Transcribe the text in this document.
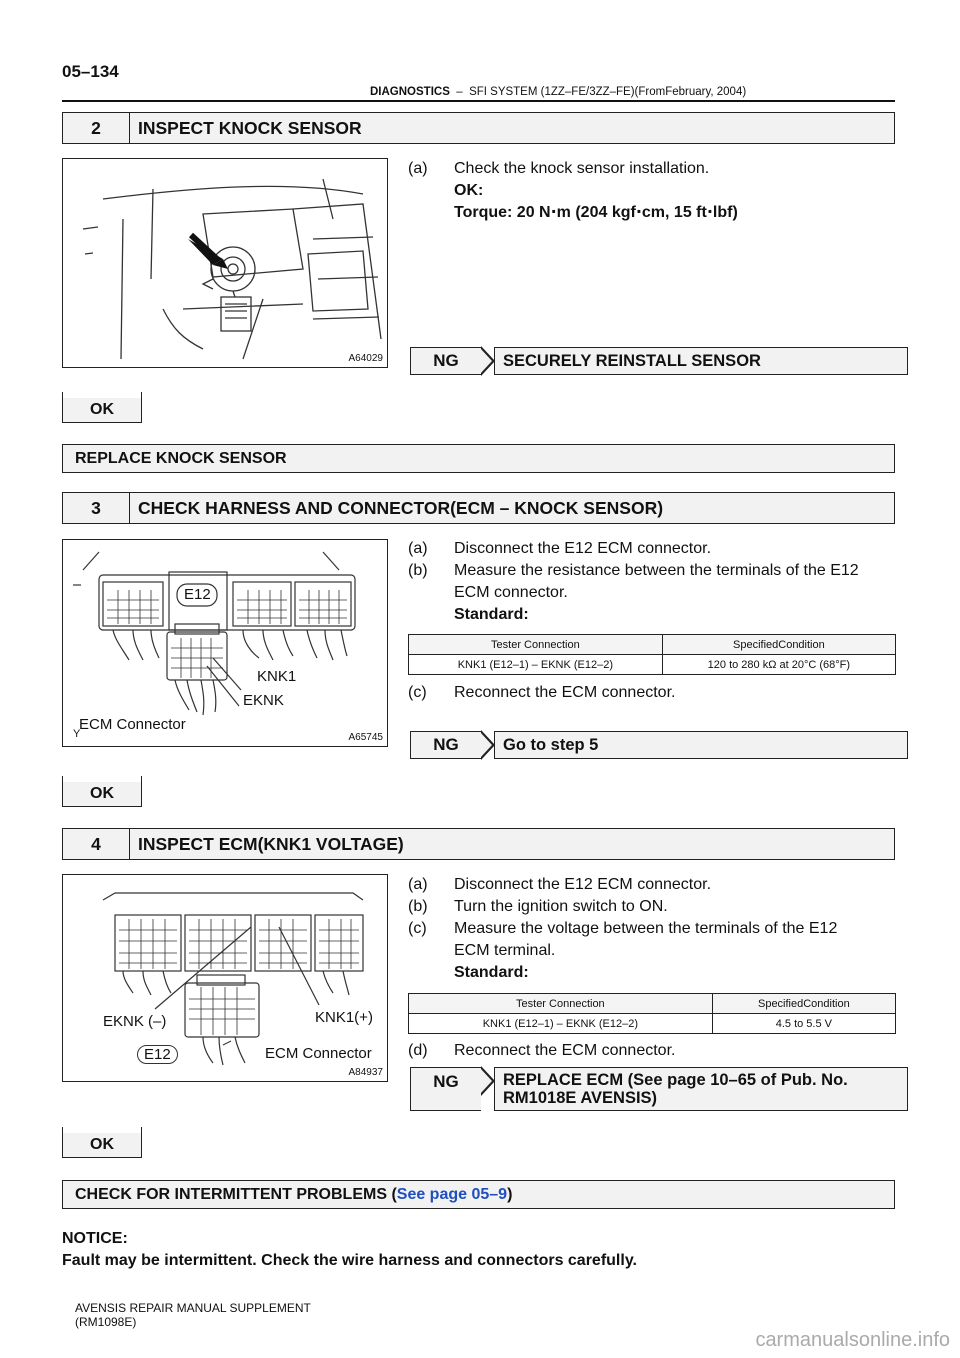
05–134
DIAGNOSTICS – SFI SYSTEM (1ZZ–FE/3ZZ–FE)(FromFebruary, 2004)
2	INSPECT KNOCK SENSOR
A64029
(a)	Check the knock sensor installation.
OK:
Torque: 20 N⋅m (204 kgf⋅cm, 15 ft⋅lbf)
NG	SECURELY REINSTALL SENSOR
OK
REPLACE KNOCK SENSOR
3	CHECK HARNESS AND CONNECTOR(ECM – KNOCK SENSOR)
E12
KNK1
EKNK
ECM Connector
Y	A65745
(a)	Disconnect the E12 ECM connector.
(b)	Measure the resistance between the terminals of the E12
ECM connector.
Standard:
Tester Connection	SpecifiedCondition
KNK1 (E12–1) – EKNK (E12–2)	120 to 280 kΩ at 20°C (68°F)
(c)	Reconnect the ECM connector.
NG	Go to step 5
OK
4	INSPECT ECM(KNK1 VOLTAGE)
EKNK (–)	KNK1(+)
E12	ECM Connector
A84937
(a)	Disconnect the E12 ECM connector.
(b)	Turn the ignition switch to ON.
(c)	Measure the voltage between the terminals of the E12
ECM terminal.
Standard:
Tester Connection	SpecifiedCondition
KNK1 (E12–1) – EKNK (E12–2)	4.5 to 5.5 V
(d)	Reconnect the ECM connector.
NG	REPLACE ECM (See page 10–65 of Pub. No.
RM1018E AVENSIS)
OK
CHECK FOR INTERMITTENT PROBLEMS ( See page 05–9 )
NOTICE:
Fault may be intermittent. Check the wire harness and connectors carefully.
AVENSIS REPAIR MANUAL SUPPLEMENT
(RM1098E)
carmanualsonline.info
